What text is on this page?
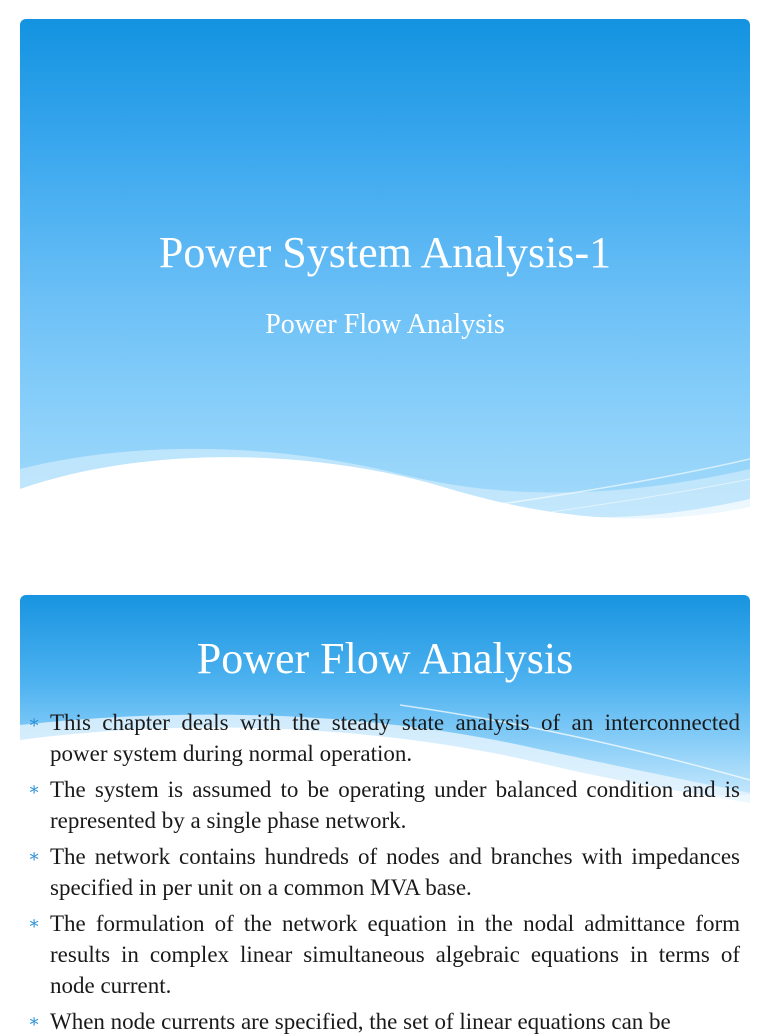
Power System Analysis-1
Power Flow Analysis
Power Flow Analysis
∗ This chapter deals with the steady state analysis of an interconnected power system during normal operation.
∗ The system is assumed to be operating under balanced condition and is represented by a single phase network.
∗ The network contains hundreds of nodes and branches with impedances specified in per unit on a common MVA base.
∗ The formulation of the network equation in the nodal admittance form results in complex linear simultaneous algebraic equations in terms of node current.
∗ When node currents are specified, the set of linear equations can be
